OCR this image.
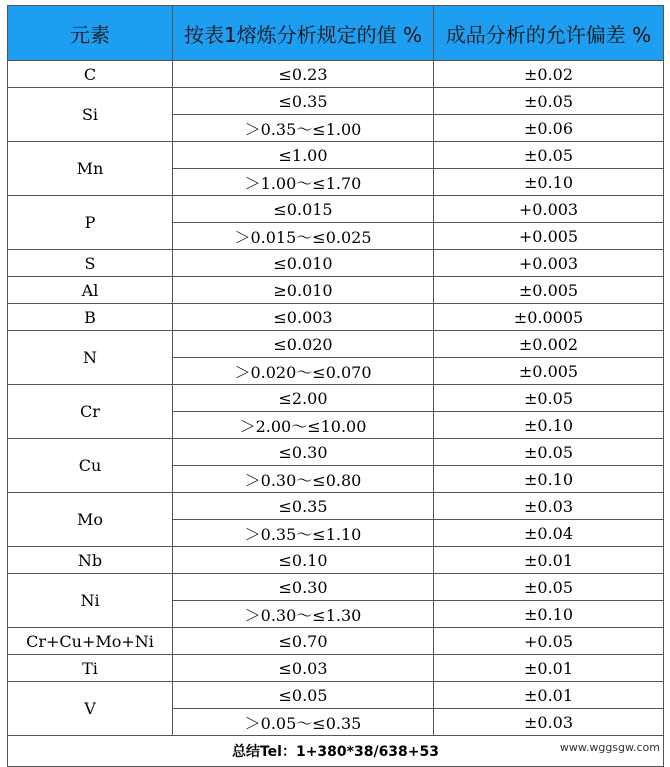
元素	按表1熔炼分析规定的值 %	成品分析的允许偏差 %
C	≤0.23	±0.02
Si	≤0.35	±0.05
	＞0.35～≤1.00	±0.06
Mn	≤1.00	±0.05
	＞1.00～≤1.70	±0.10
P	≤0.015	+0.003
	＞0.015～≤0.025	+0.005
S	≤0.010	+0.003
Al	≥0.010	±0.005
B	≤0.003	±0.0005
N	≤0.020	±0.002
	＞0.020～≤0.070	±0.005
Cr	≤2.00	±0.05
	＞2.00～≤10.00	±0.10
Cu	≤0.30	±0.05
	＞0.30～≤0.80	±0.10
Mo	≤0.35	±0.03
	＞0.35～≤1.10	±0.04
Nb	≤0.10	±0.01
Ni	≤0.30	±0.05
	＞0.30～≤1.30	±0.10
Cr+Cu+Mo+Ni	≤0.70	+0.05
Ti	≤0.03	±0.01
V	≤0.05	±0.01
	＞0.05～≤0.35	±0.03
总结Tel：1+380*38/638+53			www.wggsgw.com
